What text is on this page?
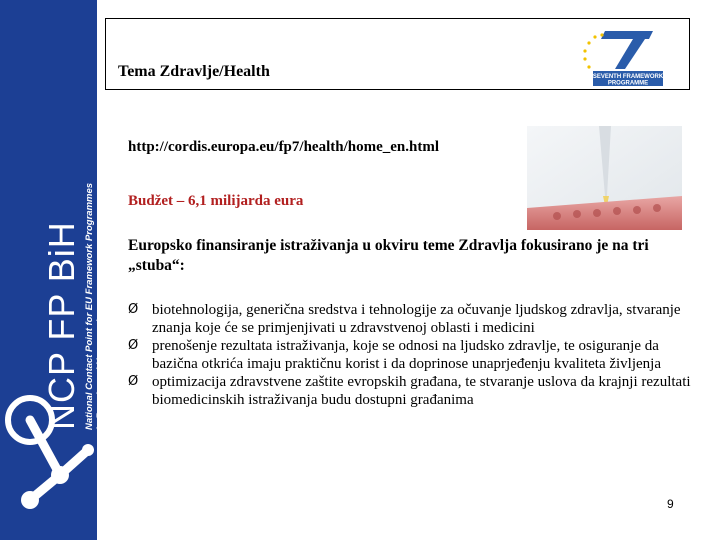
NCP FP BiH National Contact Point for EU Framework Programmes in Bosnia and Herzegovina
Tema Zdravlje/Health	SEVENTH FRAMEWORK
PROGRAMME
http://cordis.europa.eu/fp7/health/home_en.html
Budžet – 6,1 milijarda eura
Europsko finansiranje istraživanja u okviru teme Zdravlja fokusirano je na tri „stuba“:
Ø biotehnologija, generična sredstva i tehnologije za očuvanje ljudskog zdravlja, stvaranje znanja koje će se primjenjivati u zdravstvenoj oblasti i medicini
Ø prenošenje rezultata istraživanja, koje se odnosi na ljudsko zdravlje, te osiguranje da bazična otkrića imaju praktičnu korist i da doprinose unaprjeđenju kvaliteta življenja
Ø optimizacija zdravstvene zaštite evropskih građana, te stvaranje uslova da krajnji rezultati biomedicinskih istraživanja budu dostupni građanima
9
